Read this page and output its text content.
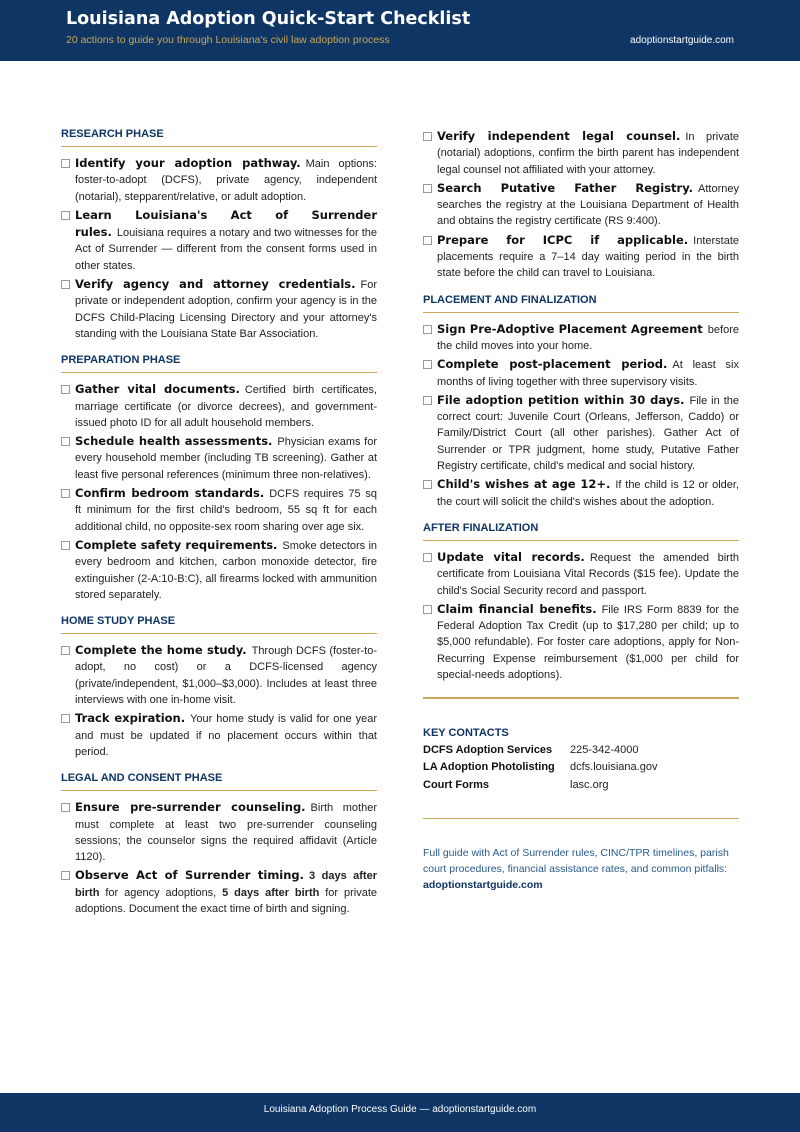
Louisiana Adoption Quick-Start Checklist
20 actions to guide you through Louisiana's civil law adoption process	adoptionstartguide.com
RESEARCH PHASE
Identify your adoption pathway. Main options: foster-to-adopt (DCFS), private agency, independent (notarial), stepparent/relative, or adult adoption.
Learn Louisiana's Act of Surrender rules. Louisiana requires a notary and two witnesses for the Act of Surrender — different from the consent forms used in other states.
Verify agency and attorney credentials. For private or independent adoption, confirm your agency is in the DCFS Child-Placing Licensing Directory and your attorney's standing with the Louisiana State Bar Association.
PREPARATION PHASE
Gather vital documents. Certified birth certificates, marriage certificate (or divorce decrees), and government-issued photo ID for all adult household members.
Schedule health assessments. Physician exams for every household member (including TB screening). Gather at least five personal references (minimum three non-relatives).
Confirm bedroom standards. DCFS requires 75 sq ft minimum for the first child's bedroom, 55 sq ft for each additional child, no opposite-sex room sharing over age six.
Complete safety requirements. Smoke detectors in every bedroom and kitchen, carbon monoxide detector, fire extinguisher (2-A:10-B:C), all firearms locked with ammunition stored separately.
HOME STUDY PHASE
Complete the home study. Through DCFS (foster-to-adopt, no cost) or a DCFS-licensed agency (private/independent, $1,000–$3,000). Includes at least three interviews with one in-home visit.
Track expiration. Your home study is valid for one year and must be updated if no placement occurs within that period.
LEGAL AND CONSENT PHASE
Ensure pre-surrender counseling. Birth mother must complete at least two pre-surrender counseling sessions; the counselor signs the required affidavit (Article 1120).
Observe Act of Surrender timing. 3 days after birth for agency adoptions, 5 days after birth for private adoptions. Document the exact time of birth and signing.
Verify independent legal counsel. In private (notarial) adoptions, confirm the birth parent has independent legal counsel not affiliated with your attorney.
Search Putative Father Registry. Attorney searches the registry at the Louisiana Department of Health and obtains the registry certificate (RS 9:400).
Prepare for ICPC if applicable. Interstate placements require a 7–14 day waiting period in the birth state before the child can travel to Louisiana.
PLACEMENT AND FINALIZATION
Sign Pre-Adoptive Placement Agreement before the child moves into your home.
Complete post-placement period. At least six months of living together with three supervisory visits.
File adoption petition within 30 days. File in the correct court: Juvenile Court (Orleans, Jefferson, Caddo) or Family/District Court (all other parishes). Gather Act of Surrender or TPR judgment, home study, Putative Father Registry certificate, child's medical and social history.
Child's wishes at age 12+. If the child is 12 or older, the court will solicit the child's wishes about the adoption.
AFTER FINALIZATION
Update vital records. Request the amended birth certificate from Louisiana Vital Records ($15 fee). Update the child's Social Security record and passport.
Claim financial benefits. File IRS Form 8839 for the Federal Adoption Tax Credit (up to $17,280 per child; up to $5,000 refundable). For foster care adoptions, apply for Non-Recurring Expense reimbursement ($1,000 per child for special-needs adoptions).
KEY CONTACTS
DCFS Adoption Services	225-342-4000
LA Adoption Photolisting	dcfs.louisiana.gov
Court Forms	lasc.org
Full guide with Act of Surrender rules, CINC/TPR timelines, parish court procedures, financial assistance rates, and common pitfalls:
adoptionstartguide.com
Louisiana Adoption Process Guide — adoptionstartguide.com
